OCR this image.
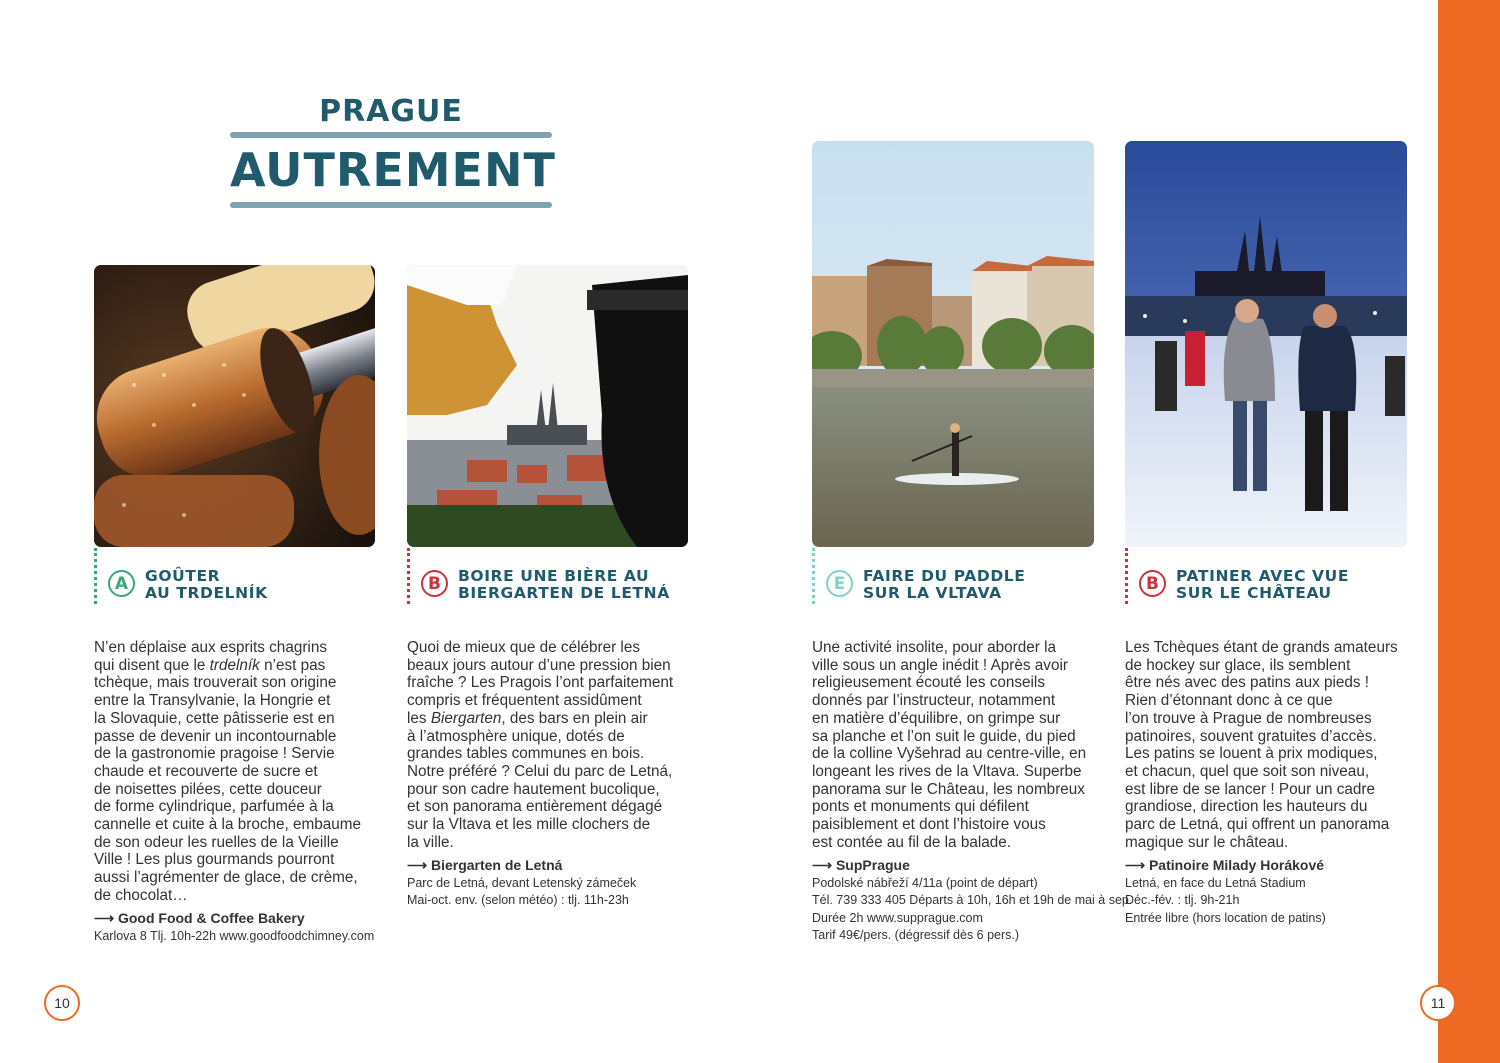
PRAGUE
AUTREMENT
A	GOÛTER
AU TRDELNÍK

N’en déplaise aux esprits chagrins

qui disent que le trdelník n’est pas

tchèque, mais trouverait son origine

entre la Transylvanie, la Hongrie et

la Slovaquie, cette pâtisserie est en

passe de devenir un incontournable

de la gastronomie pragoise ! Servie

chaude et recouverte de sucre et

de noisettes pilées, cette douceur

de forme cylindrique, parfumée à la

cannelle et cuite à la broche, embaume

de son odeur les ruelles de la Vieille

Ville ! Les plus gourmands pourront

aussi l’agrémenter de glace, de crème,

de chocolat…

⟶ Good Food & Coffee Bakery
Karlova 8 Tlj. 10h-22h www.goodfoodchimney.com
B	BOIRE UNE BIÈRE AU
BIERGARTEN DE LETNÁ

Quoi de mieux que de célébrer les

beaux jours autour d’une pression bien

fraîche ? Les Pragois l’ont parfaitement

compris et fréquentent assidûment

les Biergarten, des bars en plein air

à l’atmosphère unique, dotés de

grandes tables communes en bois.

Notre préféré ? Celui du parc de Letná,

pour son cadre hautement bucolique,

et son panorama entièrement dégagé

sur la Vltava et les mille clochers de

la ville.

⟶ Biergarten de Letná
Parc de Letná, devant Letenský zámeček
Mai-oct. env. (selon météo) : tlj. 11h-23h
E	FAIRE DU PADDLE
SUR LA VLTAVA

Une activité insolite, pour aborder la

ville sous un angle inédit ! Après avoir

religieusement écouté les conseils

donnés par l’instructeur, notamment

en matière d’équilibre, on grimpe sur

sa planche et l’on suit le guide, du pied

de la colline Vyšehrad au centre-ville, en

longeant les rives de la Vltava. Superbe

panorama sur le Château, les nombreux

ponts et monuments qui défilent

paisiblement et dont l’histoire vous

est contée au fil de la balade.

⟶ SupPrague
Podolské nábřeží 4/11a (point de départ)
Tél. 739 333 405 Départs à 10h, 16h et 19h de mai à sep.
Durée 2h www.supprague.com
Tarif 49€/pers. (dégressif dès 6 pers.)
B	PATINER AVEC VUE
SUR LE CHÂTEAU

Les Tchèques étant de grands amateurs

de hockey sur glace, ils semblent

être nés avec des patins aux pieds !

Rien d’étonnant donc à ce que

l’on trouve à Prague de nombreuses

patinoires, souvent gratuites d’accès.

Les patins se louent à prix modiques,

et chacun, quel que soit son niveau,

est libre de se lancer ! Pour un cadre

grandiose, direction les hauteurs du

parc de Letná, qui offrent un panorama

magique sur le château.

⟶ Patinoire Milady Horákové
Letná, en face du Letná Stadium
Déc.-fév. : tlj. 9h-21h
Entrée libre (hors location de patins)
10	11
